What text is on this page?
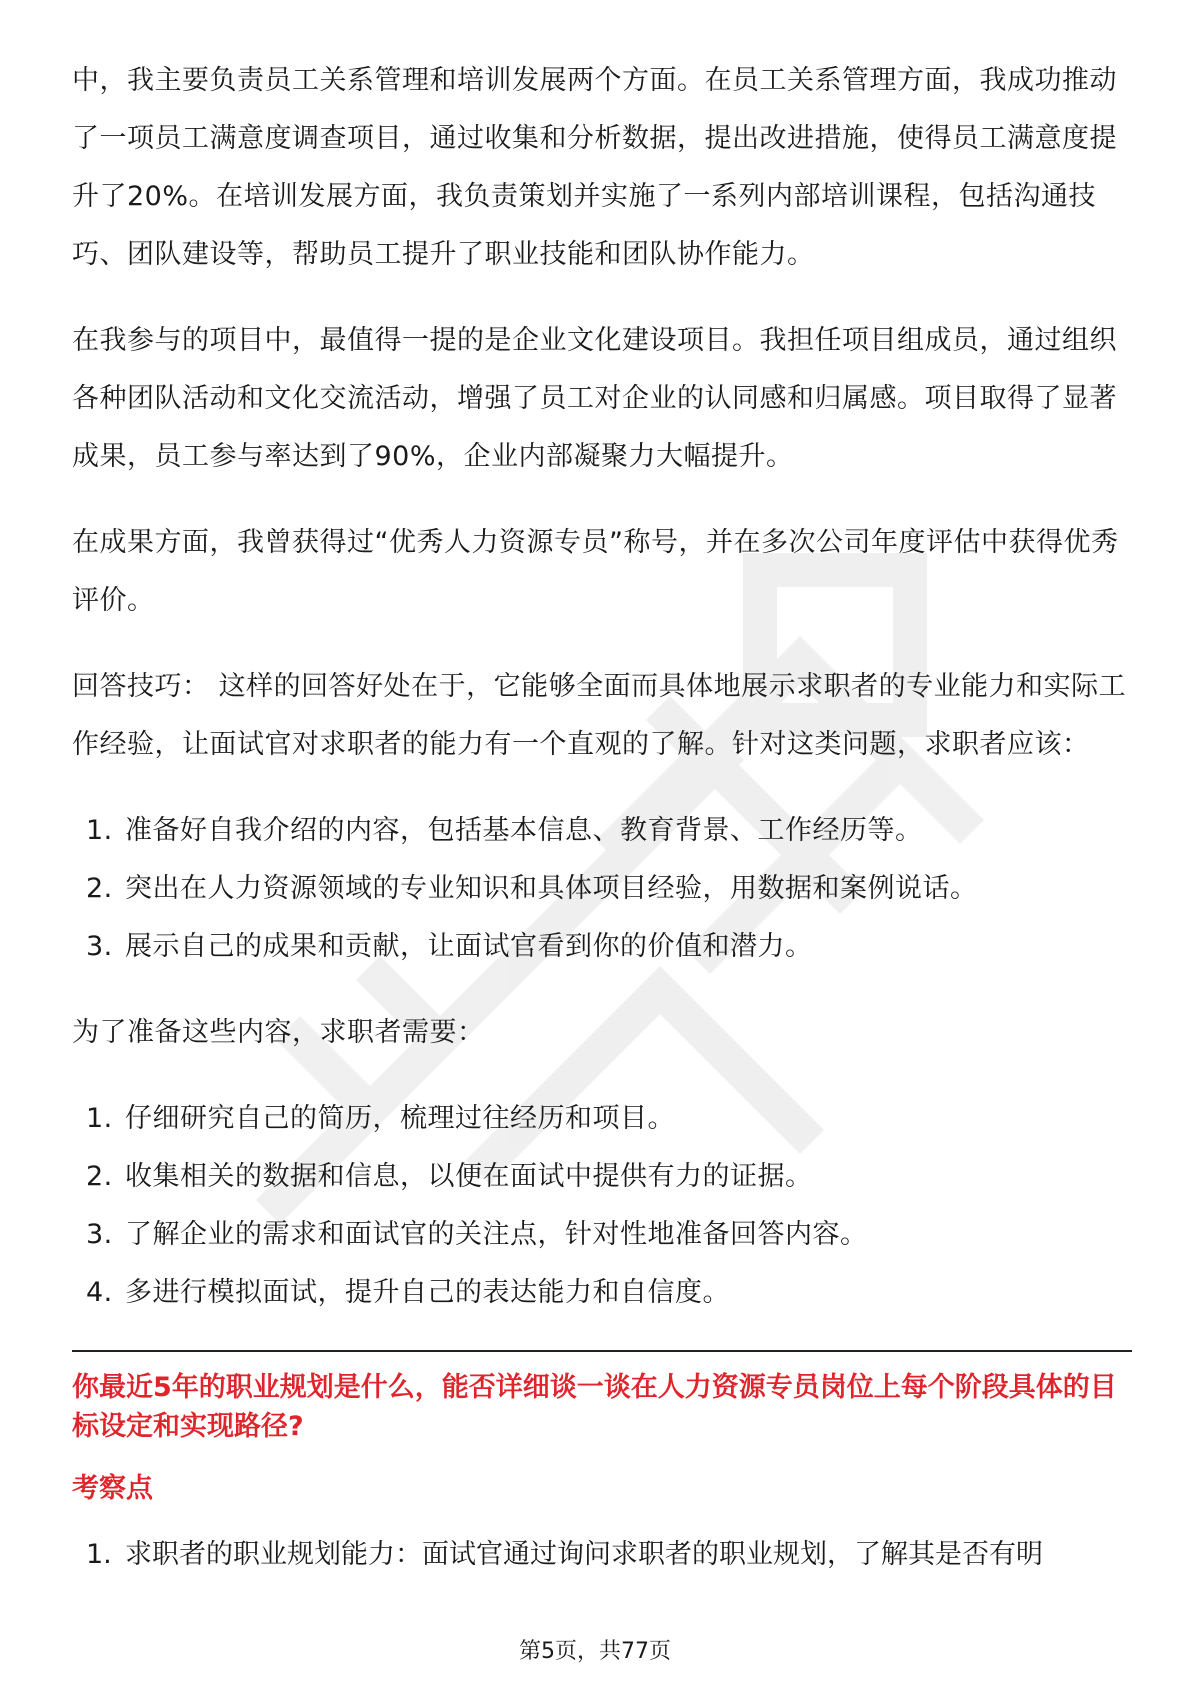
中，我主要负责员工关系管理和培训发展两个方面。在员工关系管理方面，我成功推动了一项员工满意度调查项目，通过收集和分析数据，提出改进措施，使得员工满意度提升了20%。在培训发展方面，我负责策划并实施了一系列内部培训课程，包括沟通技巧、团队建设等，帮助员工提升了职业技能和团队协作能力。

在我参与的项目中，最值得一提的是企业文化建设项目。我担任项目组成员，通过组织各种团队活动和文化交流活动，增强了员工对企业的认同感和归属感。项目取得了显著成果，员工参与率达到了90%，企业内部凝聚力大幅提升。

在成果方面，我曾获得过“优秀人力资源专员”称号，并在多次公司年度评估中获得优秀评价。

回答技巧： 这样的回答好处在于，它能够全面而具体地展示求职者的专业能力和实际工作经验，让面试官对求职者的能力有一个直观的了解。针对这类问题，求职者应该：

1. 准备好自我介绍的内容，包括基本信息、教育背景、工作经历等。
2. 突出在人力资源领域的专业知识和具体项目经验，用数据和案例说话。
3. 展示自己的成果和贡献，让面试官看到你的价值和潜力。

为了准备这些内容，求职者需要：

1. 仔细研究自己的简历，梳理过往经历和项目。
2. 收集相关的数据和信息，以便在面试中提供有力的证据。
3. 了解企业的需求和面试官的关注点，针对性地准备回答内容。
4. 多进行模拟面试，提升自己的表达能力和自信度。

你最近5年的职业规划是什么，能否详细谈一谈在人力资源专员岗位上每个阶段具体的目标设定和实现路径?

考察点

1. 求职者的职业规划能力：面试官通过询问求职者的职业规划，了解其是否有明
第5页，共77页
